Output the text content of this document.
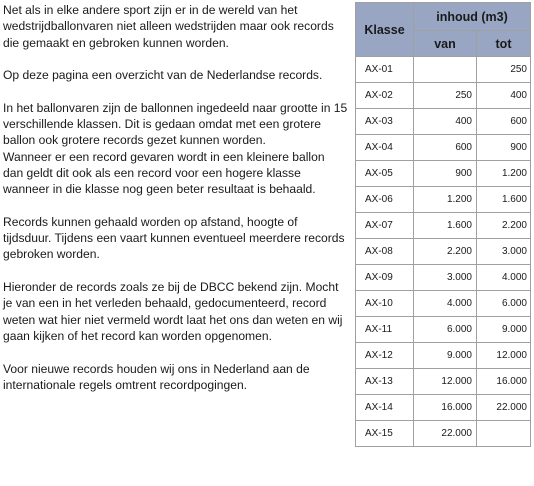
Net als in elke andere sport zijn er in de wereld van het wedstrijdballonvaren niet alleen wedstrijden maar ook records die gemaakt en gebroken kunnen worden.

Op deze pagina een overzicht van de Nederlandse records.

In het ballonvaren zijn de ballonnen ingedeeld naar grootte in 15 verschillende klassen. Dit is gedaan omdat met een grotere ballon ook grotere records gezet kunnen worden.

Wanneer er een record gevaren wordt in een kleinere ballon dan geldt dit ook als een record voor een hogere klasse wanneer in die klasse nog geen beter resultaat is behaald.

Records kunnen gehaald worden op afstand, hoogte of tijdsduur. Tijdens een vaart kunnen eventueel meerdere records gebroken worden.

Hieronder de records zoals ze bij de DBCC bekend zijn. Mocht je van een in het verleden behaald, gedocumenteerd, record weten wat hier niet vermeld wordt laat het ons dan weten en wij gaan kijken of het record kan worden opgenomen.

Voor nieuwe records houden wij ons in Nederland aan de internationale regels omtrent recordpogingen.

Klasse	inhoud (m3)	
	van	tot
AX-01		250
AX-02	250	400
AX-03	400	600
AX-04	600	900
AX-05	900	1.200
AX-06	1.200	1.600
AX-07	1.600	2.200
AX-08	2.200	3.000
AX-09	3.000	4.000
AX-10	4.000	6.000
AX-11	6.000	9.000
AX-12	9.000	12.000
AX-13	12.000	16.000
AX-14	16.000	22.000
AX-15	22.000	
